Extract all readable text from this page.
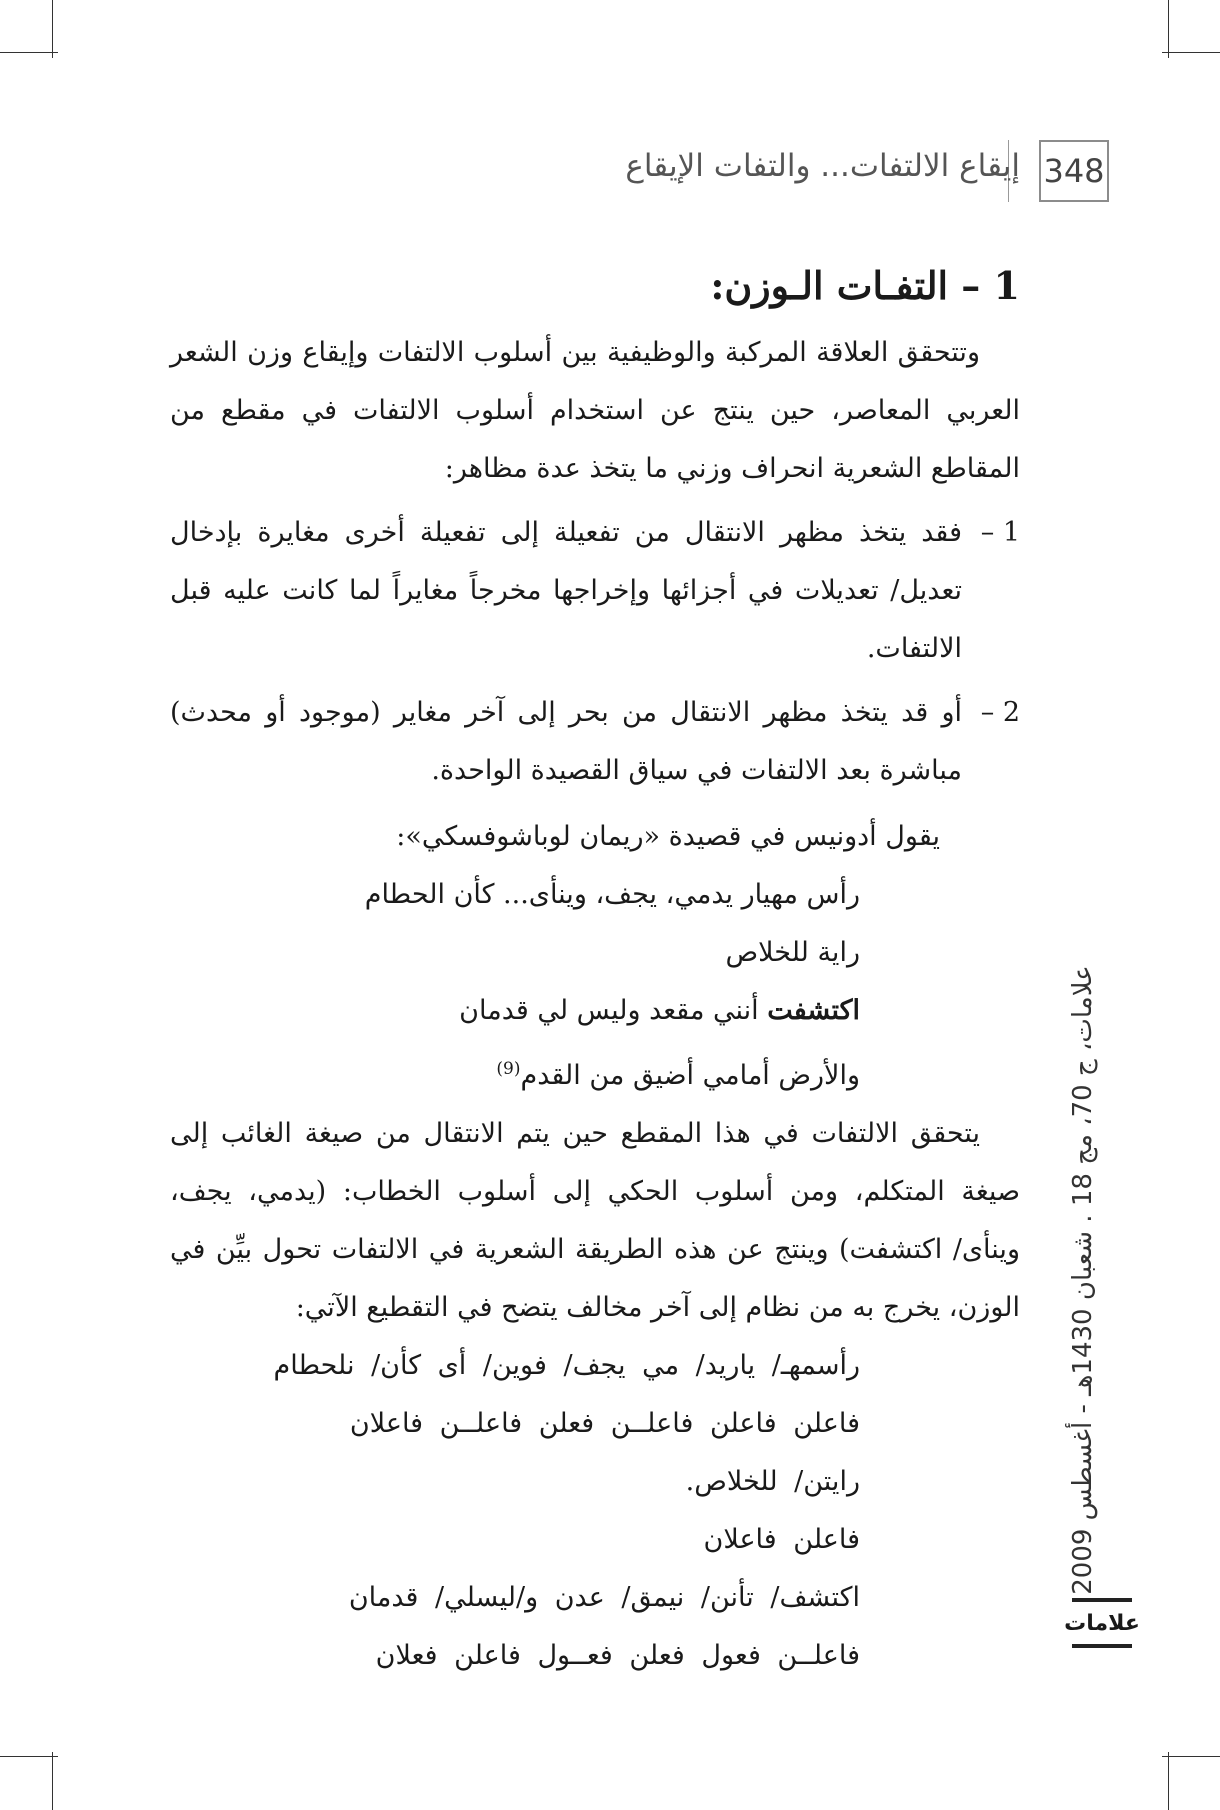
348
إيقاع الالتفات... والتفات الإيقاع
1 – التفـات الـوزن:

وتتحقق العلاقة المركبة والوظيفية بين أسلوب الالتفات وإيقاع وزن الشعر العربي المعاصر، حين ينتج عن استخدام أسلوب الالتفات في مقطع من المقاطع الشعرية انحراف وزني ما يتخذ عدة مظاهر:

1 –
فقد يتخذ مظهر الانتقال من تفعيلة إلى تفعيلة أخرى مغايرة بإدخال تعديل/ تعديلات في أجزائها وإخراجها مخرجاً مغايراً لما كانت عليه قبل الالتفات.
2 –
أو قد يتخذ مظهر الانتقال من بحر إلى آخر مغاير (موجود أو محدث) مباشرة بعد الالتفات في سياق القصيدة الواحدة.
يقول أدونيس في قصيدة «ريمان لوباشوفسكي»:
رأس مهيار يدمي، يجف، وينأى... كأن الحطام
راية للخلاص
اكتشفت أنني مقعد وليس لي قدمان
والأرض أمامي أضيق من القدم$^{(9)}$

يتحقق الالتفات في هذا المقطع حين يتم الانتقال من صيغة الغائب إلى صيغة المتكلم، ومن أسلوب الحكي إلى أسلوب الخطاب: (يدمي، يجف، وينأى/ اكتشفت) وينتج عن هذه الطريقة الشعرية في الالتفات تحول بيِّن في الوزن، يخرج به من نظام إلى آخر مخالف يتضح في التقطيع الآتي:

رأسمهـ/ ياريد/ مي يجف/ فوين/ أى كأن/ نلحطام
فاعلن فاعلن فاعلــن فعلن فاعلــن فاعلان
رايتن/ للخلاص.
فاعلن فاعلان
اكتشف/ تأنن/ نيمق/ عدن و/ليسلي/ قدمان
فاعلــن فعول فعلن فعــول فاعلن فعلان
علامات، ج 70، مج 18 . شعبان 1430هـ - أغسطس 2009
علامات
